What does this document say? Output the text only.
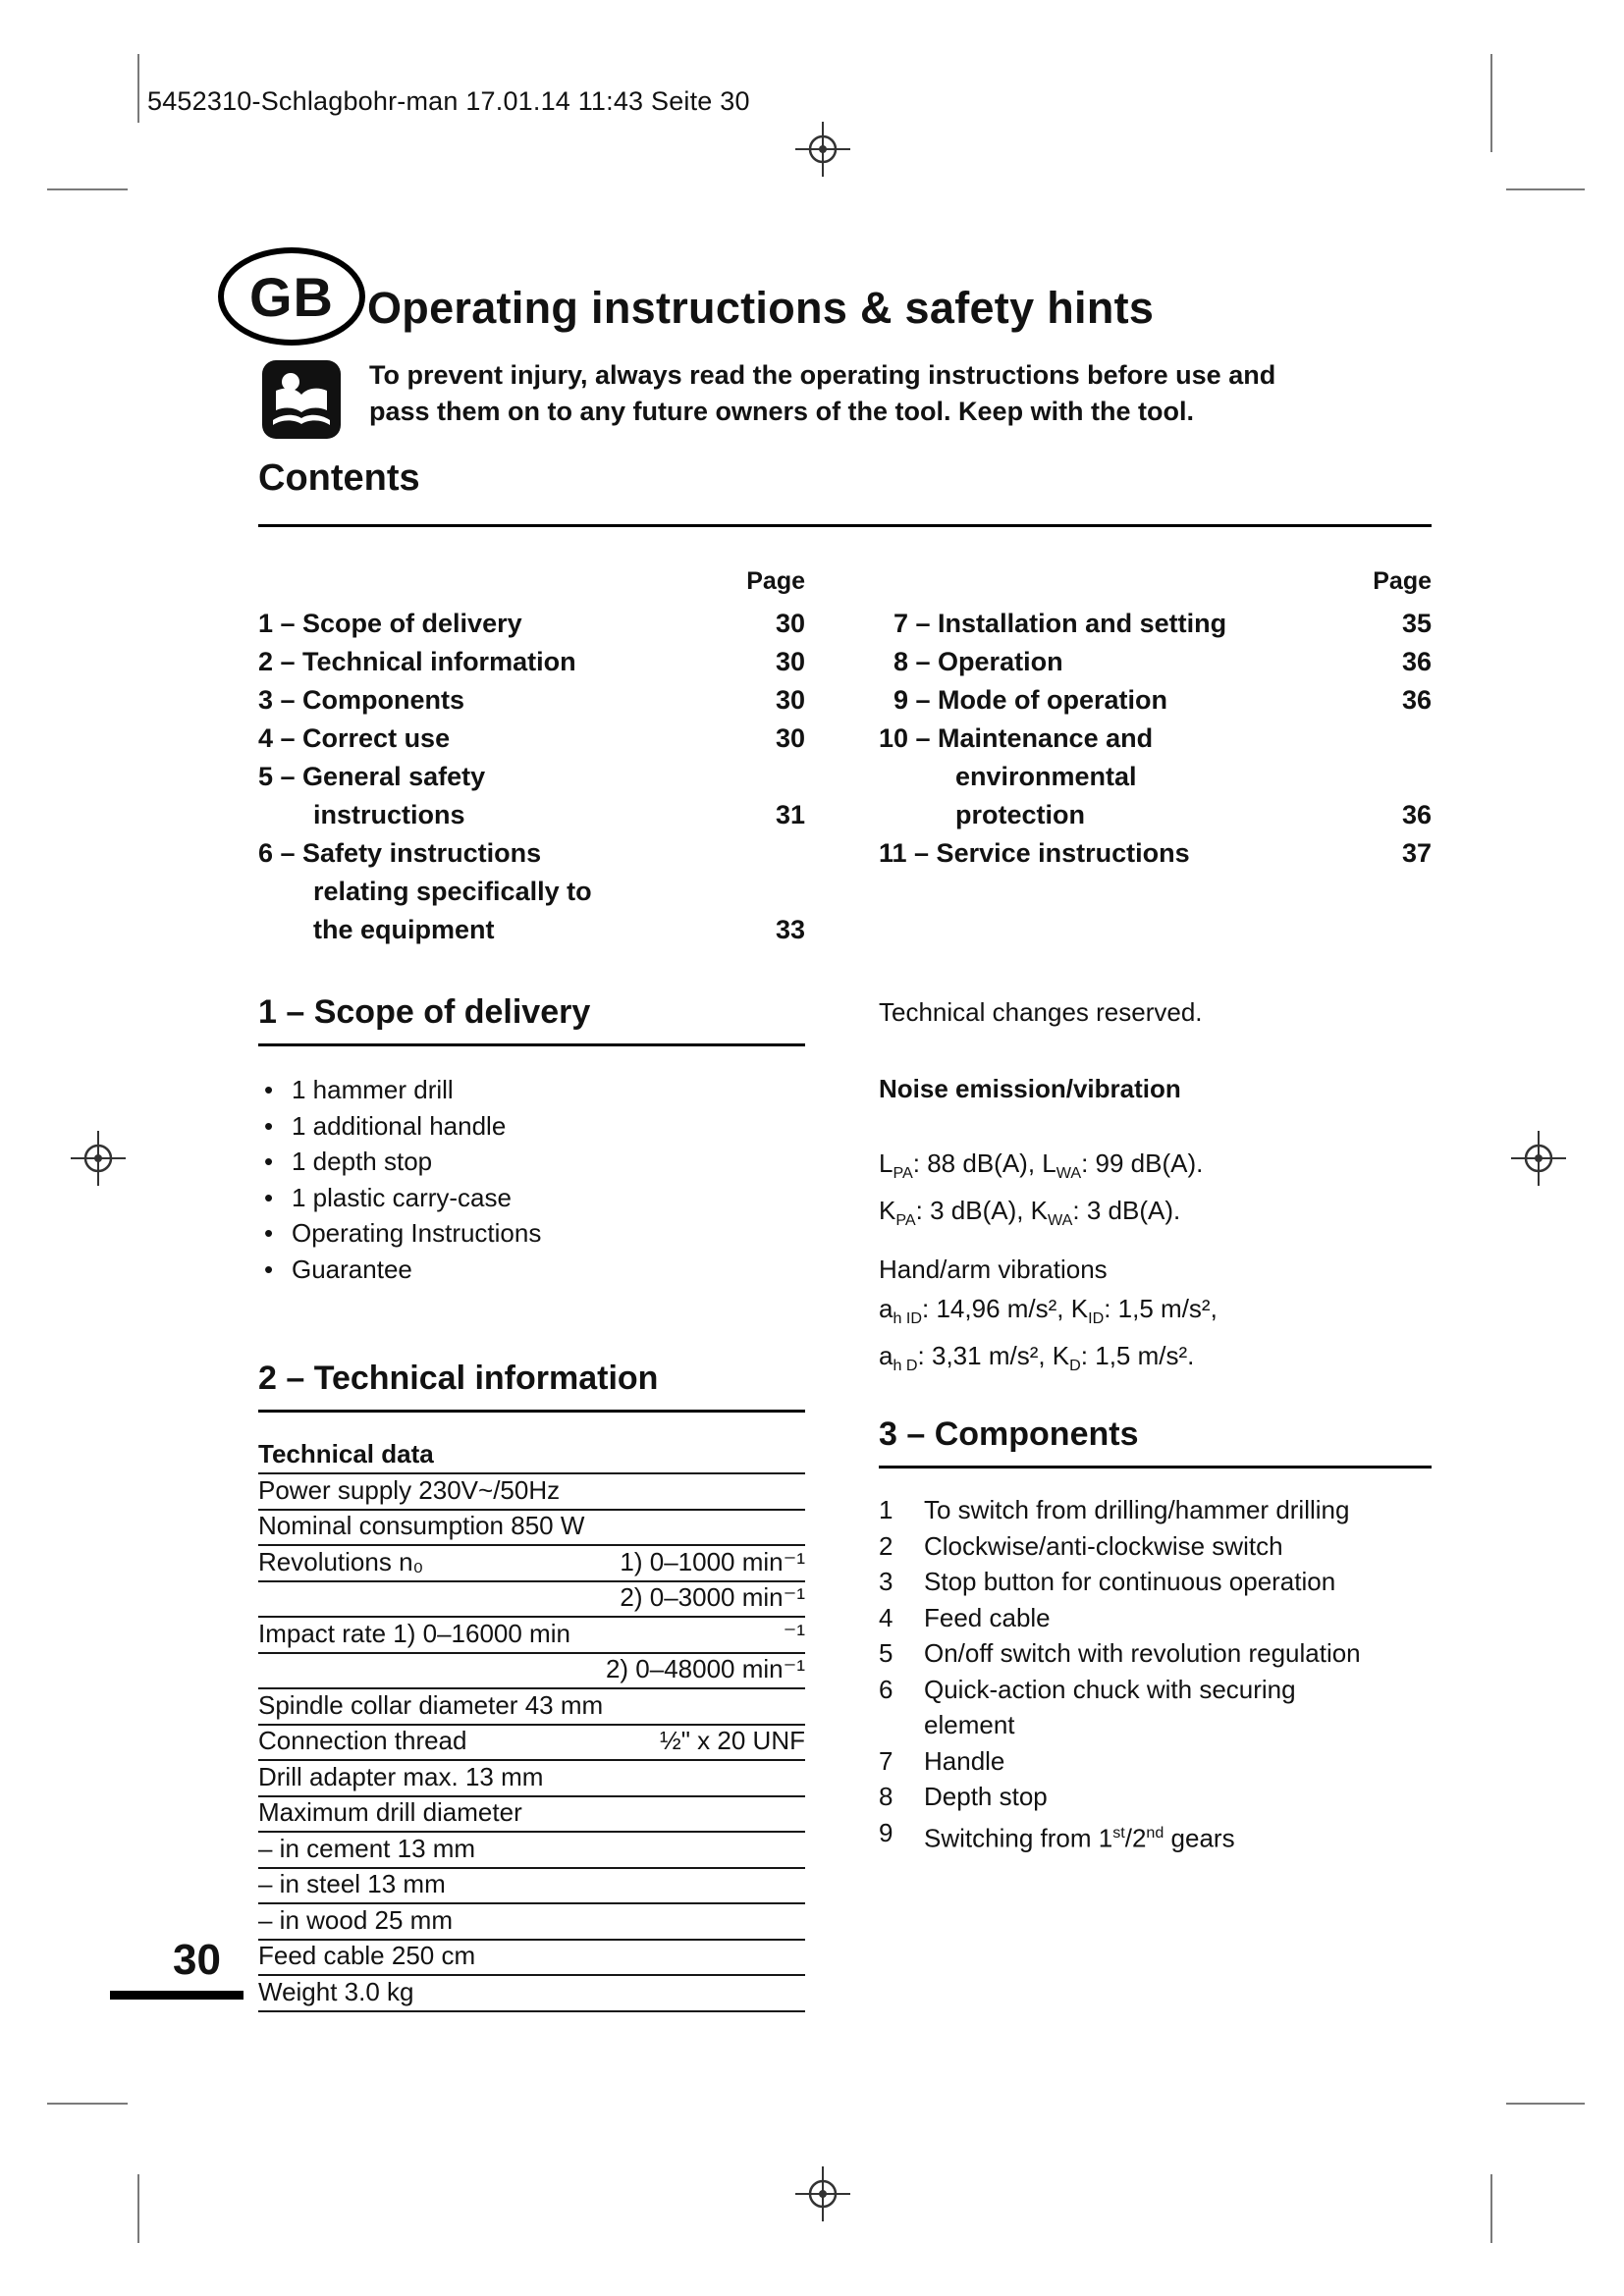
5452310-Schlagbohr-man 17.01.14 11:43 Seite 30
GB Operating instructions & safety hints
To prevent injury, always read the operating instructions before use and
pass them on to any future owners of the tool. Keep with the tool.
Contents
Page
1 – Scope of delivery	30
2 – Technical information	30
3 – Components	30
4 – Correct use	30
5 – General safety
instructions	31
6 – Safety instructions
relating specifically to
the equipment	33
Page
 7 – Installation and setting	35
 8 – Operation	36
 9 – Mode of operation	36
10 – Maintenance and
environmental
protection	36
11 – Service instructions	37
1 – Scope of delivery
• 1 hammer drill
• 1 additional handle
• 1 depth stop
• 1 plastic carry-case
• Operating Instructions
• Guarantee
2 – Technical information
Technical data
Power supply 230V~/50Hz
Nominal consumption 850 W
Revolutions n₀	1) 0–1000 min⁻¹
2) 0–3000 min⁻¹
Impact rate 1) 0–16000 min	⁻¹
2) 0–48000 min⁻¹
Spindle collar diameter 43 mm
Connection thread	½" x 20 UNF
Drill adapter max. 13 mm
Maximum drill diameter
– in cement 13 mm
– in steel 13 mm
– in wood 25 mm
Feed cable 250 cm
Weight 3.0 kg
Technical changes reserved.
Noise emission/vibration
$L_{PA}$: 88 dB(A), $L_{WA}$: 99 dB(A).
$K_{PA}$: 3 dB(A), $K_{WA}$: 3 dB(A).
Hand/arm vibrations
$a_{h ID}$: 14,96 m/s², $K_{ID}$: 1,5 m/s²,
$a_{h D}$: 3,31 m/s², $K_D$: 1,5 m/s².
3 – Components
1	To switch from drilling/hammer drilling
2	Clockwise/anti-clockwise switch
3	Stop button for continuous operation
4	Feed cable
5	On/off switch with revolution regulation
6	Quick-action chuck with securing element
7	Handle
8	Depth stop
9	Switching from 1st/2nd gears
30
